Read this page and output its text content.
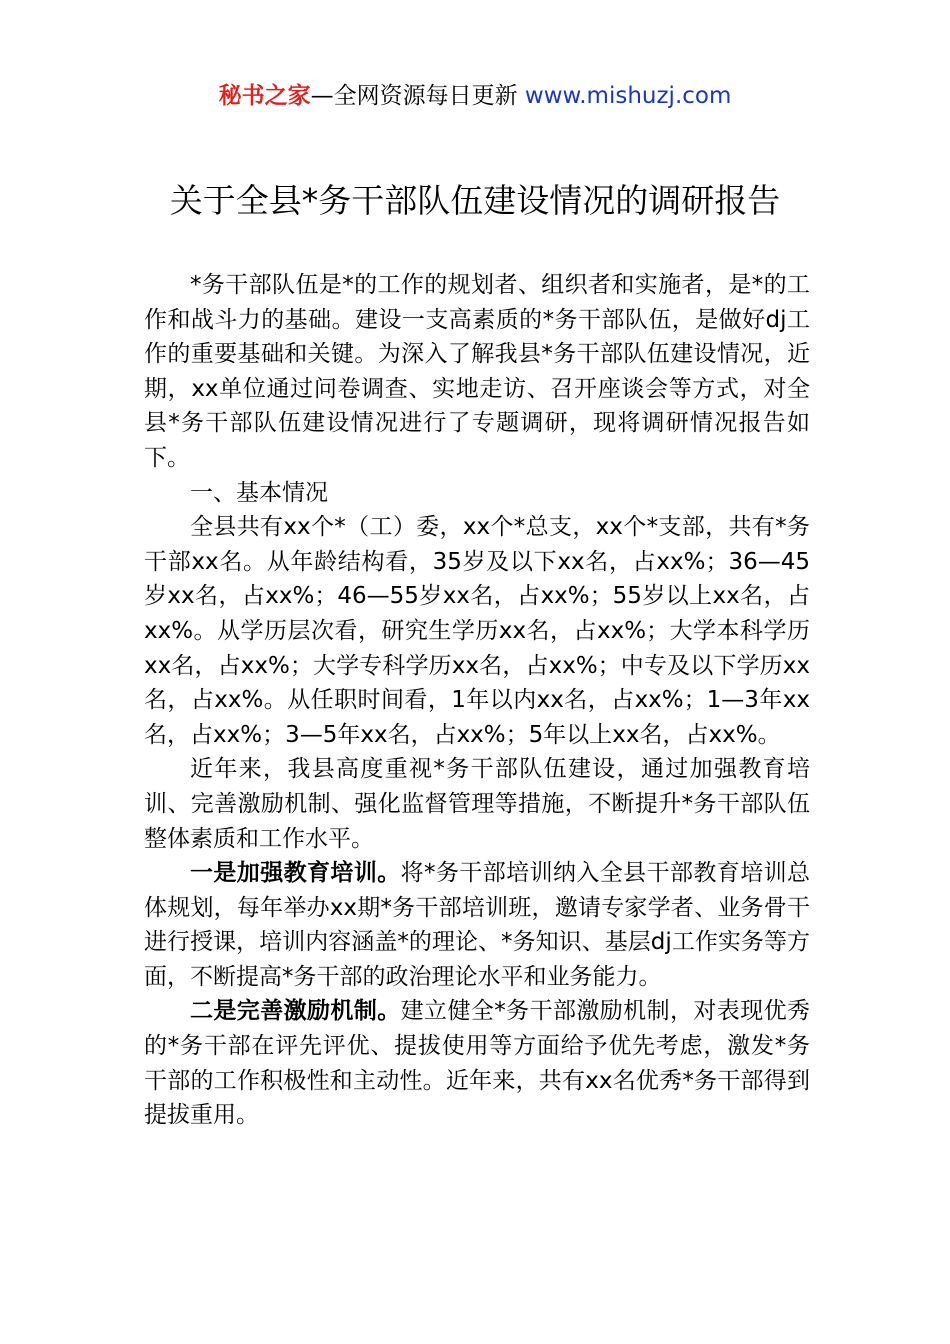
秘书之家—全网资源每日更新 www.mishuzj.com
关于全县*务干部队伍建设情况的调研报告

*务干部队伍是*的工作的规划者、组织者和实施者，是*的工作和战斗力的基础。建设一支高素质的*务干部队伍，是做好dj工作的重要基础和关键。为深入了解我县*务干部队伍建设情况，近期，xx单位通过问卷调查、实地走访、召开座谈会等方式，对全县*务干部队伍建设情况进行了专题调研，现将调研情况报告如下。

一、基本情况

全县共有xx个*（工）委，xx个*总支，xx个*支部，共有*务干部xx名。从年龄结构看，35岁及以下xx名，占xx%；36—45岁xx名，占xx%；46—55岁xx名，占xx%；55岁以上xx名，占xx%。从学历层次看，研究生学历xx名，占xx%；大学本科学历xx名，占xx%；大学专科学历xx名，占xx%；中专及以下学历xx名，占xx%。从任职时间看，1年以内xx名，占xx%；1—3年xx名，占xx%；3—5年xx名，占xx%；5年以上xx名，占xx%。

近年来，我县高度重视*务干部队伍建设，通过加强教育培训、完善激励机制、强化监督管理等措施，不断提升*务干部队伍整体素质和工作水平。

一是加强教育培训。将*务干部培训纳入全县干部教育培训总体规划，每年举办xx期*务干部培训班，邀请专家学者、业务骨干进行授课，培训内容涵盖*的理论、*务知识、基层dj工作实务等方面，不断提高*务干部的政治理论水平和业务能力。

二是完善激励机制。建立健全*务干部激励机制，对表现优秀的*务干部在评先评优、提拔使用等方面给予优先考虑，激发*务干部的工作积极性和主动性。近年来，共有xx名优秀*务干部得到提拔重用。
